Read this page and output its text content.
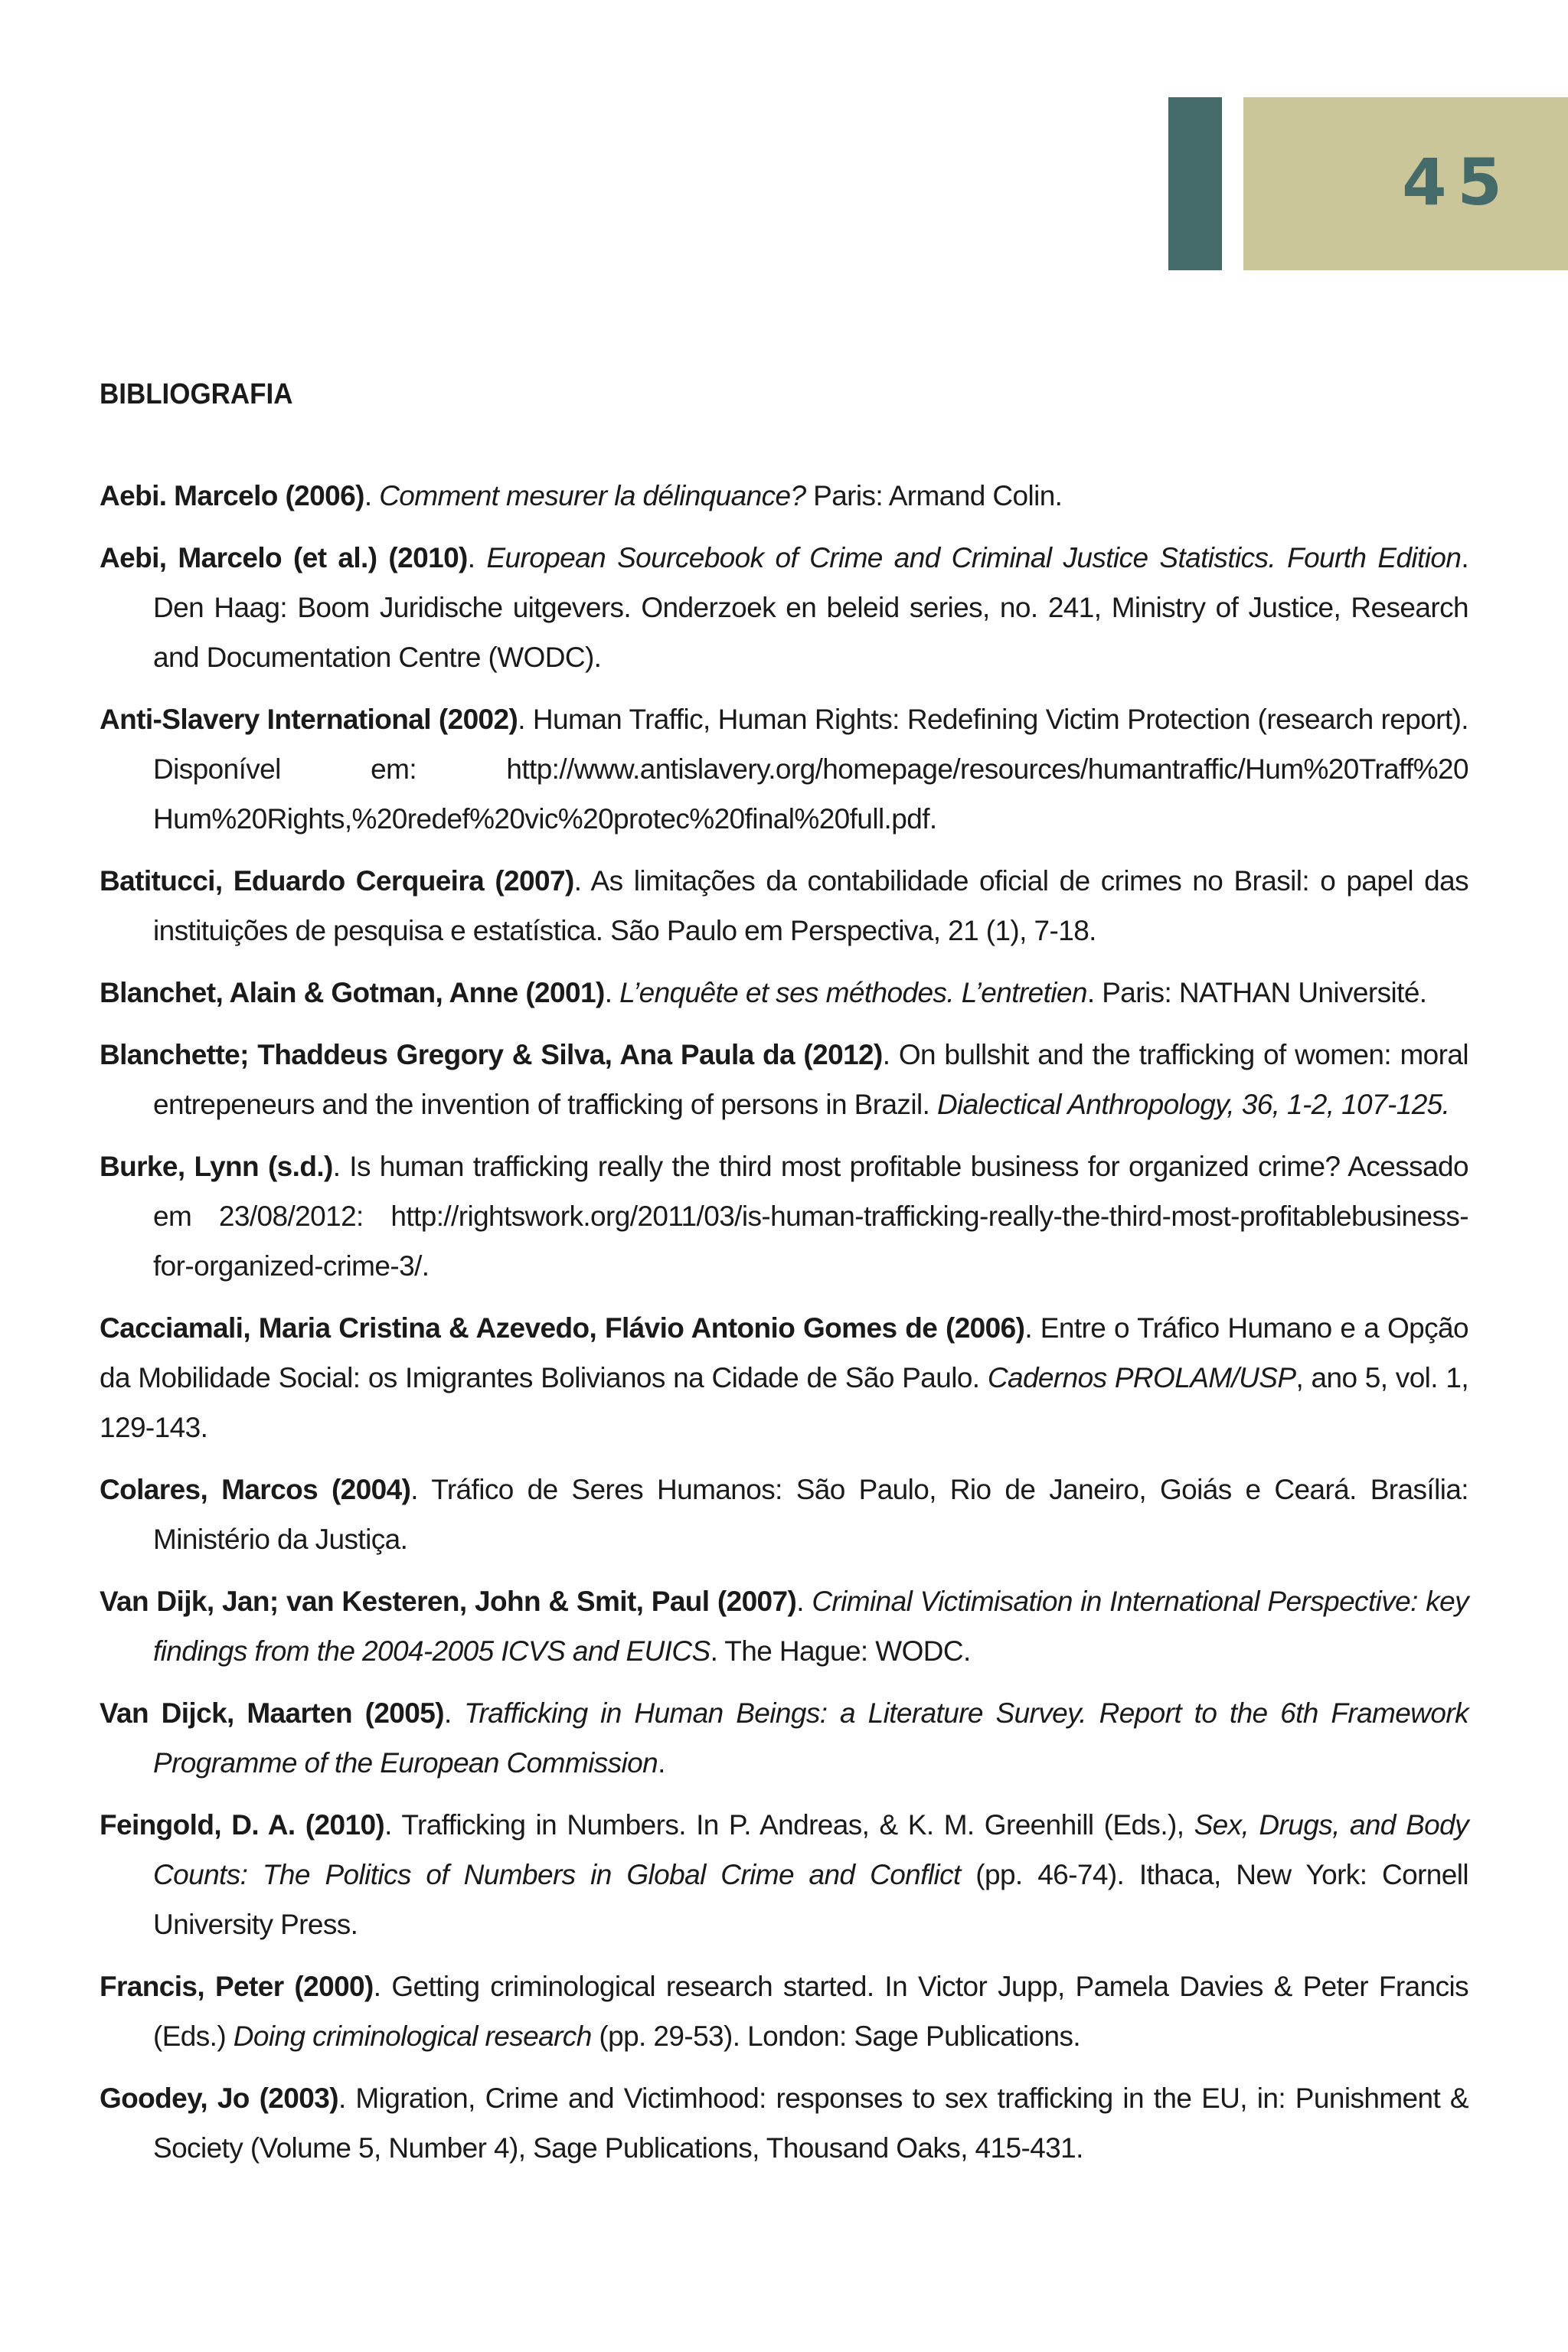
45
BIBLIOGRAFIA
Aebi. Marcelo (2006). Comment mesurer la délinquance? Paris: Armand Colin.
Aebi, Marcelo (et al.) (2010). European Sourcebook of Crime and Criminal Justice Statistics. Fourth Edition. Den Haag: Boom Juridische uitgevers. Onderzoek en beleid series, no. 241, Ministry of Justice, Research and Documentation Centre (WODC).
Anti-Slavery International (2002). Human Traffic, Human Rights: Redefining Victim Protection (research report). Disponível em: http://www.antislavery.org/homepage/resources/humantraffic/Hum%20Traff%20 Hum%20Rights,%20redef%20vic%20protec%20final%20full.pdf.
Batitucci, Eduardo Cerqueira (2007). As limitações da contabilidade oficial de crimes no Brasil: o papel das instituições de pesquisa e estatística. São Paulo em Perspectiva, 21 (1), 7-18.
Blanchet, Alain & Gotman, Anne (2001). L’enquête et ses méthodes. L’entretien. Paris: NATHAN Université.
Blanchette; Thaddeus Gregory & Silva, Ana Paula da (2012). On bullshit and the trafficking of women: moral entrepeneurs and the invention of trafficking of persons in Brazil. Dialectical Anthropology, 36, 1-2, 107-125.
Burke, Lynn (s.d.). Is human trafficking really the third most profitable business for organized crime? Acessado em 23/08/2012: http://rightswork.org/2011/03/is-human-trafficking-really-the-third-most-profitablebusiness-for-organized-crime-3/.
Cacciamali, Maria Cristina & Azevedo, Flávio Antonio Gomes de (2006). Entre o Tráfico Humano e a Opção da Mobilidade Social: os Imigrantes Bolivianos na Cidade de São Paulo. Cadernos PROLAM/USP, ano 5, vol. 1, 129-143.
Colares, Marcos (2004). Tráfico de Seres Humanos: São Paulo, Rio de Janeiro, Goiás e Ceará. Brasília: Ministério da Justiça.
Van Dijk, Jan; van Kesteren, John & Smit, Paul (2007). Criminal Victimisation in International Perspective: key findings from the 2004-2005 ICVS and EUICS. The Hague: WODC.
Van Dijck, Maarten (2005). Trafficking in Human Beings: a Literature Survey. Report to the 6th Framework Programme of the European Commission.
Feingold, D. A. (2010). Trafficking in Numbers. In P. Andreas, & K. M. Greenhill (Eds.), Sex, Drugs, and Body Counts: The Politics of Numbers in Global Crime and Conflict (pp. 46-74). Ithaca, New York: Cornell University Press.
Francis, Peter (2000). Getting criminological research started. In Victor Jupp, Pamela Davies & Peter Francis (Eds.) Doing criminological research (pp. 29-53). London: Sage Publications.
Goodey, Jo (2003). Migration, Crime and Victimhood: responses to sex trafficking in the EU, in: Punishment & Society (Volume 5, Number 4), Sage Publications, Thousand Oaks, 415-431.
